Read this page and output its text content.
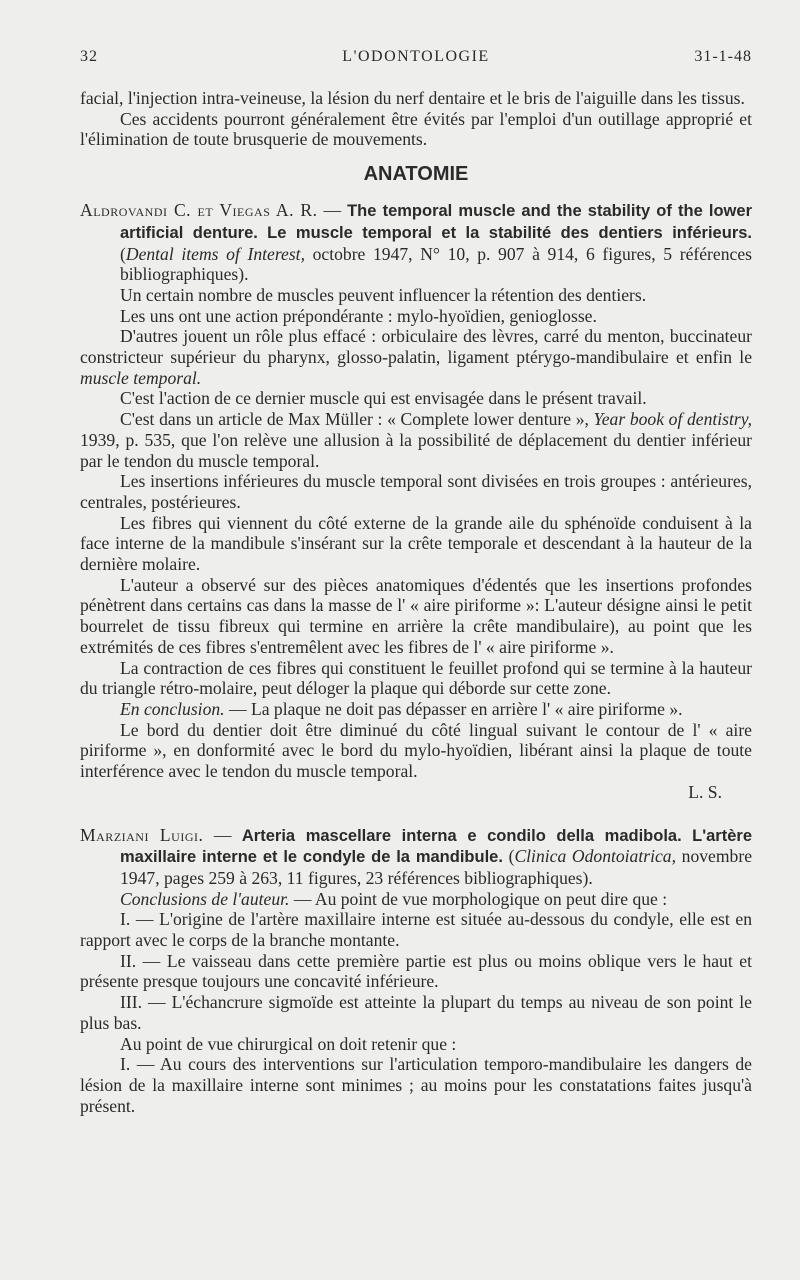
32	L'ODONTOLOGIE	31-1-48

facial, l'injection intra-veineuse, la lésion du nerf dentaire et le bris de l'aiguille dans les tissus.

Ces accidents pourront généralement être évités par l'emploi d'un outillage approprié et l'élimination de toute brusquerie de mouvements.

ANATOMIE

Aldrovandi C. et Viegas A. R. — The temporal muscle and the stability of the lower artificial denture. Le muscle temporal et la stabilité des dentiers inférieurs. (Dental items of Interest, octobre 1947, N° 10, p. 907 à 914, 6 figures, 5 références bibliographiques).

Un certain nombre de muscles peuvent influencer la rétention des dentiers.

Les uns ont une action prépondérante : mylo-hyoïdien, genioglosse.

D'autres jouent un rôle plus effacé : orbiculaire des lèvres, carré du menton, buccinateur constricteur supérieur du pharynx, glosso-palatin, ligament ptérygo-mandibulaire et enfin le muscle temporal.

C'est l'action de ce dernier muscle qui est envisagée dans le présent travail.

C'est dans un article de Max Müller : « Complete lower denture », Year book of dentistry, 1939, p. 535, que l'on relève une allusion à la possibilité de déplacement du dentier inférieur par le tendon du muscle temporal.

Les insertions inférieures du muscle temporal sont divisées en trois groupes : antérieures, centrales, postérieures.

Les fibres qui viennent du côté externe de la grande aile du sphénoïde conduisent à la face interne de la mandibule s'insérant sur la crête temporale et descendant à la hauteur de la dernière molaire.

L'auteur a observé sur des pièces anatomiques d'édentés que les insertions profondes pénètrent dans certains cas dans la masse de l' « aire piriforme »: L'auteur désigne ainsi le petit bourrelet de tissu fibreux qui termine en arrière la crête mandibulaire), au point que les extrémités de ces fibres s'entremêlent avec les fibres de l' « aire piriforme ».

La contraction de ces fibres qui constituent le feuillet profond qui se termine à la hauteur du triangle rétro-molaire, peut déloger la plaque qui déborde sur cette zone.

En conclusion. — La plaque ne doit pas dépasser en arrière l' « aire piriforme ».

Le bord du dentier doit être diminué du côté lingual suivant le contour de l' « aire piriforme », en donformité avec le bord du mylo-hyoïdien, libérant ainsi la plaque de toute interférence avec le tendon du muscle temporal.

L. S.

Marziani Luigi. — Arteria mascellare interna e condilo della madibola. L'artère maxillaire interne et le condyle de la mandibule. (Clinica Odontoiatrica, novembre 1947, pages 259 à 263, 11 figures, 23 références bibliographiques).

Conclusions de l'auteur. — Au point de vue morphologique on peut dire que :

I. — L'origine de l'artère maxillaire interne est située au-dessous du condyle, elle est en rapport avec le corps de la branche montante.

II. — Le vaisseau dans cette première partie est plus ou moins oblique vers le haut et présente presque toujours une concavité inférieure.

III. — L'échancrure sigmoïde est atteinte la plupart du temps au niveau de son point le plus bas.

Au point de vue chirurgical on doit retenir que :

I. — Au cours des interventions sur l'articulation temporo-mandibulaire les dangers de lésion de la maxillaire interne sont minimes ; au moins pour les constatations faites jusqu'à présent.
